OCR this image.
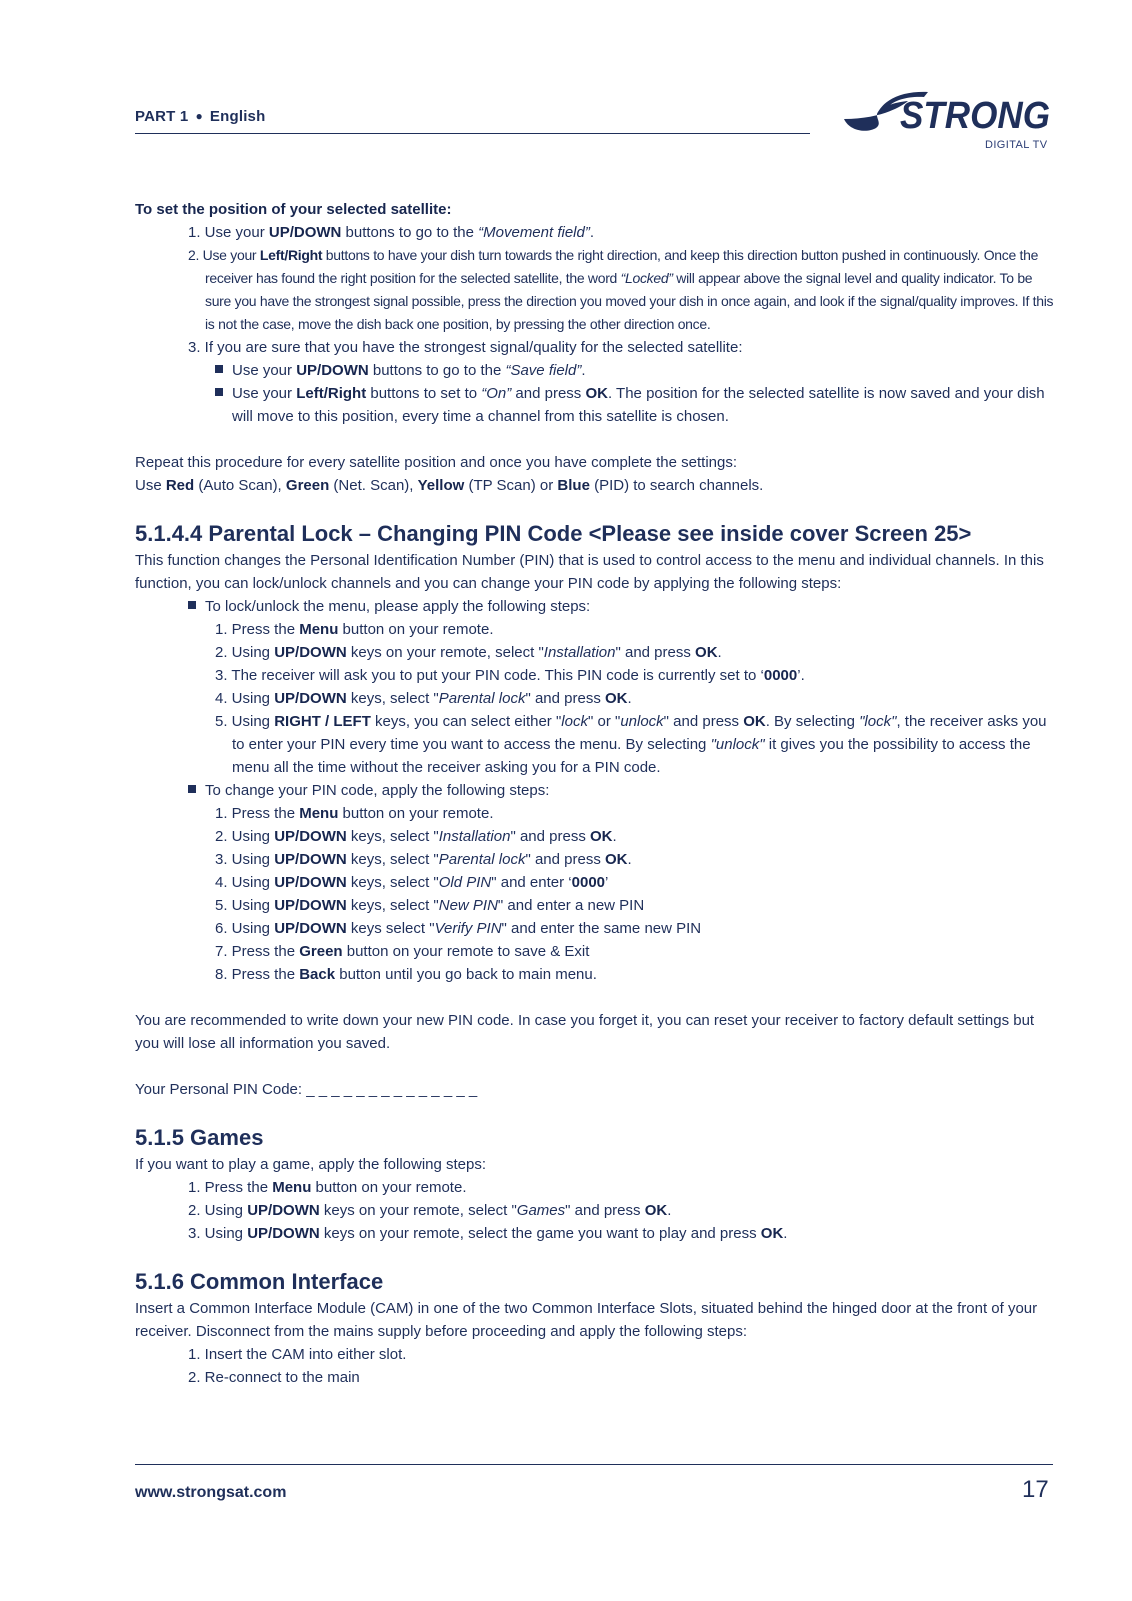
PART 1 ● English	STRONG
DIGITAL TV

To set the position of your selected satellite:

1. Use your UP/DOWN buttons to go to the “Movement field”.

2. Use your Left/Right buttons to have your dish turn towards the right direction, and keep this direction button pushed in continuously. Once the receiver has found the right position for the selected satellite, the word “Locked” will appear above the signal level and quality indicator. To be sure you have the strongest signal possible, press the direction you moved your dish in once again, and look if the signal/quality improves. If this is not the case, move the dish back one position, by pressing the other direction once.

3. If you are sure that you have the strongest signal/quality for the selected satellite:

Use your UP/DOWN buttons to go to the “Save field”.

Use your Left/Right buttons to set to “On” and press OK. The position for the selected satellite is now saved and your dish will move to this position, every time a channel from this satellite is chosen.

Repeat this procedure for every satellite position and once you have complete the settings:

Use Red (Auto Scan), Green (Net. Scan), Yellow (TP Scan) or Blue (PID) to search channels.

5.1.4.4 Parental Lock – Changing PIN Code <Please see inside cover Screen 25>

This function changes the Personal Identification Number (PIN) that is used to control access to the menu and individual channels. In this function, you can lock/unlock channels and you can change your PIN code by applying the following steps:

To lock/unlock the menu, please apply the following steps:

1. Press the Menu button on your remote.

2. Using UP/DOWN keys on your remote, select "Installation" and press OK.

3. The receiver will ask you to put your PIN code. This PIN code is currently set to ‘0000’.

4. Using UP/DOWN keys, select "Parental lock" and press OK.

5. Using RIGHT / LEFT keys, you can select either "lock" or "unlock" and press OK. By selecting "lock", the receiver asks you to enter your PIN every time you want to access the menu. By selecting "unlock" it gives you the possibility to access the menu all the time without the receiver asking you for a PIN code.

To change your PIN code, apply the following steps:

1. Press the Menu button on your remote.

2. Using UP/DOWN keys, select "Installation" and press OK.

3. Using UP/DOWN keys, select "Parental lock" and press OK.

4. Using UP/DOWN keys, select "Old PIN" and enter ‘0000’

5. Using UP/DOWN keys, select "New PIN" and enter a new PIN

6. Using UP/DOWN keys select "Verify PIN" and enter the same new PIN

7. Press the Green button on your remote to save & Exit

8. Press the Back button until you go back to main menu.

You are recommended to write down your new PIN code. In case you forget it, you can reset your receiver to factory default settings but you will lose all information you saved.

Your Personal PIN Code: _ _ _ _ _ _ _ _ _ _ _ _ _ _

5.1.5 Games

If you want to play a game, apply the following steps:

1. Press the Menu button on your remote.

2. Using UP/DOWN keys on your remote, select "Games" and press OK.

3. Using UP/DOWN keys on your remote, select the game you want to play and press OK.

5.1.6 Common Interface

Insert a Common Interface Module (CAM) in one of the two Common Interface Slots, situated behind the hinged door at the front of your receiver. Disconnect from the mains supply before proceeding and apply the following steps:

1. Insert the CAM into either slot.

2. Re-connect to the main

www.strongsat.com	17
